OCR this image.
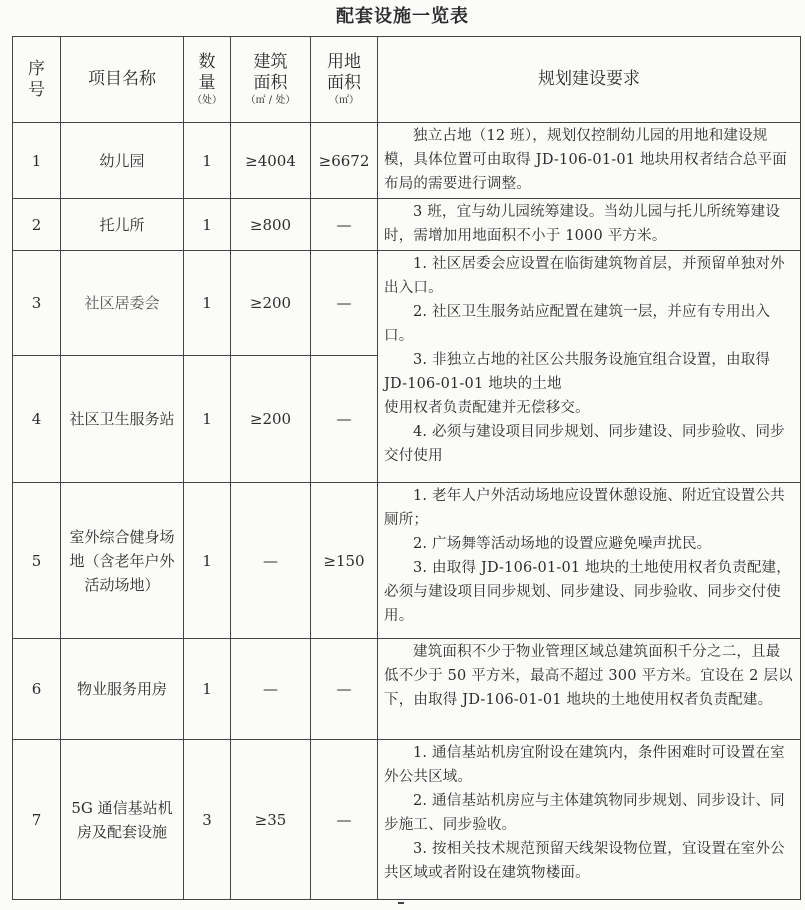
配套设施一览表
序
号	项目名称	数
量
（处）	建筑
面积
（㎡ / 处）	用地
面积
（㎡）	规划建设要求
1	幼儿园	1	≥4004	≥6672	独立占地（12 班），规划仅控制幼儿园的用地和建设规模，具体位置可由取得 JD-106-01-01 地块用权者结合总平面布局的需要进行调整。

2	托儿所	1	≥800	—	3 班，宜与幼儿园统筹建设。当幼儿园与托儿所统筹建设时，需增加用地面积不小于 1000 平方米。

3	社区居委会	1	≥200	—	1. 社区居委会应设置在临街建筑物首层，并预留单独对外出入口。

2. 社区卫生服务站应配置在建筑一层，并应有专用出入口。

3. 非独立占地的社区公共服务设施宜组合设置，由取得 JD-106-01-01 地块的土地

使用权者负责配建并无偿移交。

4. 必须与建设项目同步规划、同步建设、同步验收、同步交付使用

4	社区卫生服务站	1	≥200	—	
5	室外综合健身场地（含老年户外活动场地）	1	—	≥150	1. 老年人户外活动场地应设置休憩设施、附近宜设置公共厕所；

2. 广场舞等活动场地的设置应避免噪声扰民。

3. 由取得 JD-106-01-01 地块的土地使用权者负责配建，必须与建设项目同步规划、同步建设、同步验收、同步交付使用。

6	物业服务用房	1	—	—	建筑面积不少于物业管理区域总建筑面积千分之二，且最低不少于 50 平方米，最高不超过 300 平方米。宜设在 2 层以下，由取得 JD-106-01-01 地块的土地使用权者负责配建。

7	5G 通信基站机房及配套设施	3	≥35	—	1. 通信基站机房宜附设在建筑内，条件困难时可设置在室外公共区域。

2. 通信基站机房应与主体建筑物同步规划、同步设计、同步施工、同步验收。

3. 按相关技术规范预留天线架设物位置，宜设置在室外公共区域或者附设在建筑物楼面。
